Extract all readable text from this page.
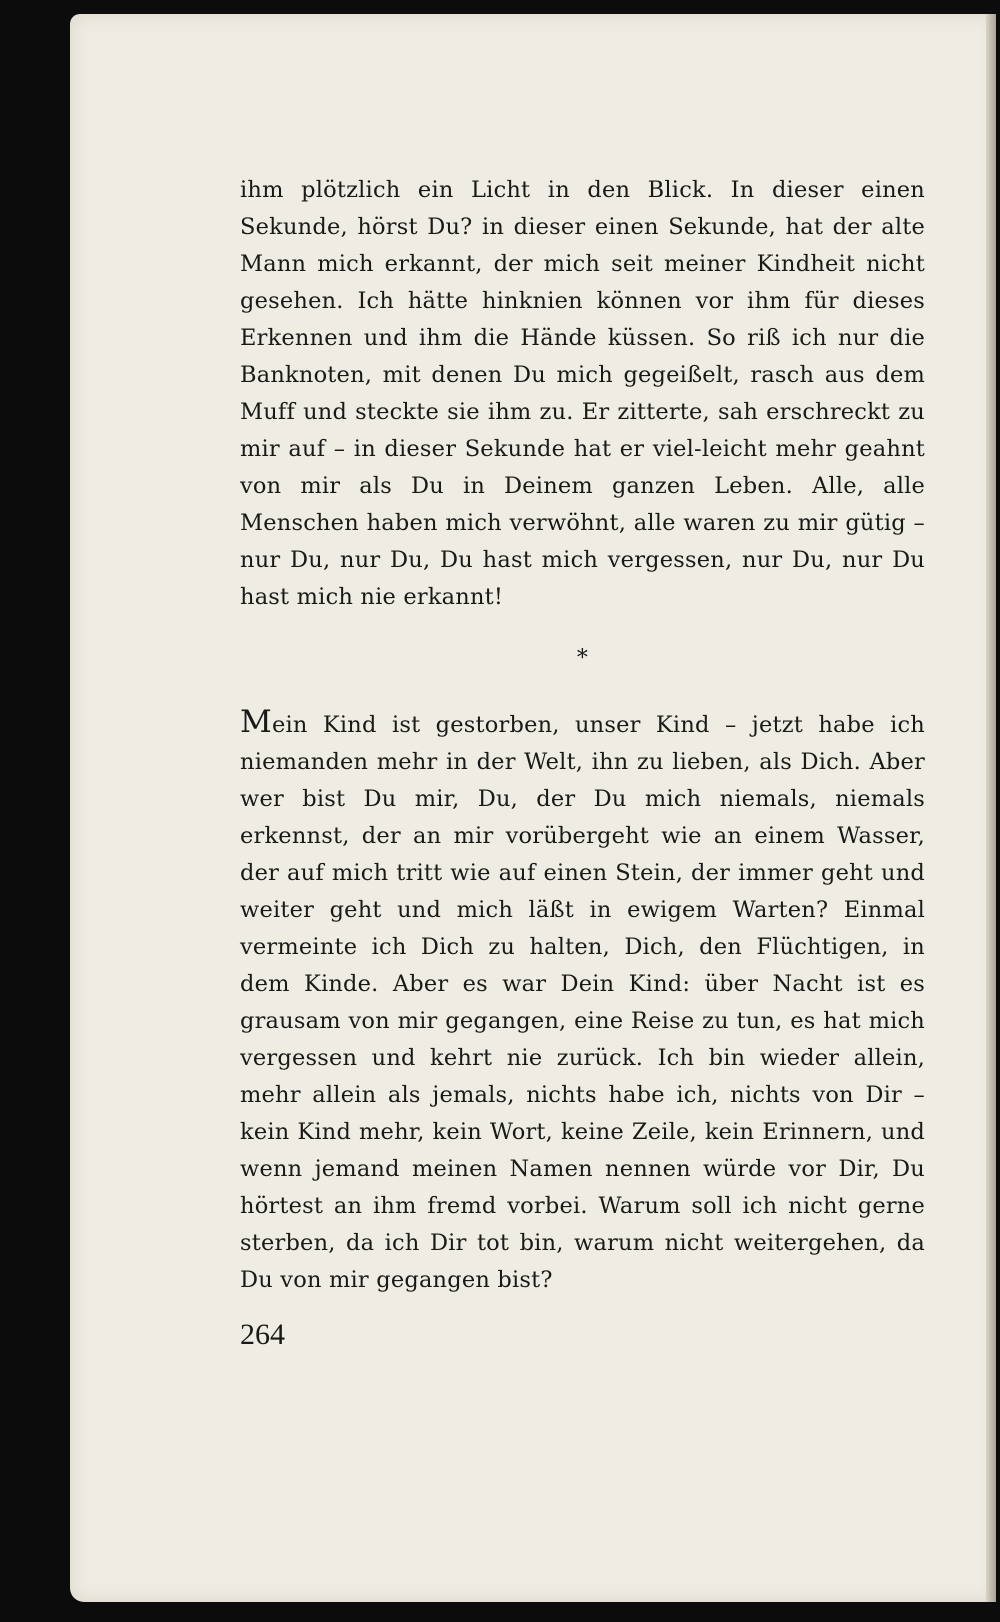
ihm plötzlich ein Licht in den Blick. In dieser einen Sekunde, hörst Du? in dieser einen Sekunde, hat der alte Mann mich erkannt, der mich seit meiner Kindheit nicht gesehen. Ich hätte hinknien können vor ihm für dieses Erkennen und ihm die Hände küssen. So riß ich nur die Banknoten, mit denen Du mich gegeißelt, rasch aus dem Muff und steckte sie ihm zu. Er zitterte, sah erschreckt zu mir auf – in dieser Sekunde hat er viel-leicht mehr geahnt von mir als Du in Deinem ganzen Leben. Alle, alle Menschen haben mich verwöhnt, alle waren zu mir gütig – nur Du, nur Du, Du hast mich vergessen, nur Du, nur Du hast mich nie erkannt!

*

Mein Kind ist gestorben, unser Kind – jetzt habe ich niemanden mehr in der Welt, ihn zu lieben, als Dich. Aber wer bist Du mir, Du, der Du mich niemals, niemals erkennst, der an mir vorübergeht wie an einem Wasser, der auf mich tritt wie auf einen Stein, der immer geht und weiter geht und mich läßt in ewigem Warten? Einmal vermeinte ich Dich zu halten, Dich, den Flüchtigen, in dem Kinde. Aber es war Dein Kind: über Nacht ist es grausam von mir gegangen, eine Reise zu tun, es hat mich vergessen und kehrt nie zurück. Ich bin wieder allein, mehr allein als jemals, nichts habe ich, nichts von Dir – kein Kind mehr, kein Wort, keine Zeile, kein Erinnern, und wenn jemand meinen Namen nennen würde vor Dir, Du hörtest an ihm fremd vorbei. Warum soll ich nicht gerne sterben, da ich Dir tot bin, warum nicht weitergehen, da Du von mir gegangen bist?

264
